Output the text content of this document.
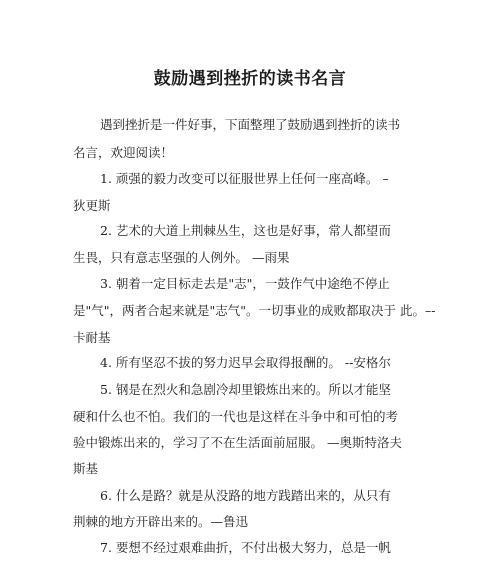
鼓励遇到挫折的读书名言
遇到挫折是一件好事，下面整理了鼓励遇到挫折的读书
名言，欢迎阅读！
1. 顽强的毅力改变可以征服世界上任何一座高峰。 –
狄更斯
2. 艺术的大道上荆棘丛生，这也是好事，常人都望而
生畏，只有意志坚强的人例外。 —雨果
3. 朝着一定目标走去是"志"，一鼓作气中途绝不停止
是"气"，两者合起来就是"志气"。一切事业的成败都取决于 此。–-
卡耐基
4. 所有坚忍不拔的努力迟早会取得报酬的。 --安格尔
5. 钢是在烈火和急剧冷却里锻炼出来的。所以才能坚
硬和什么也不怕。我们的一代也是这样在斗争中和可怕的考
验中锻炼出来的，学习了不在生活面前屈服。 —奥斯特洛夫
斯基
6. 什么是路？就是从没路的地方践踏出来的，从只有
荆棘的地方开辟出来的。—鲁迅
7. 要想不经过艰难曲折，不付出极大努力，总是一帆
